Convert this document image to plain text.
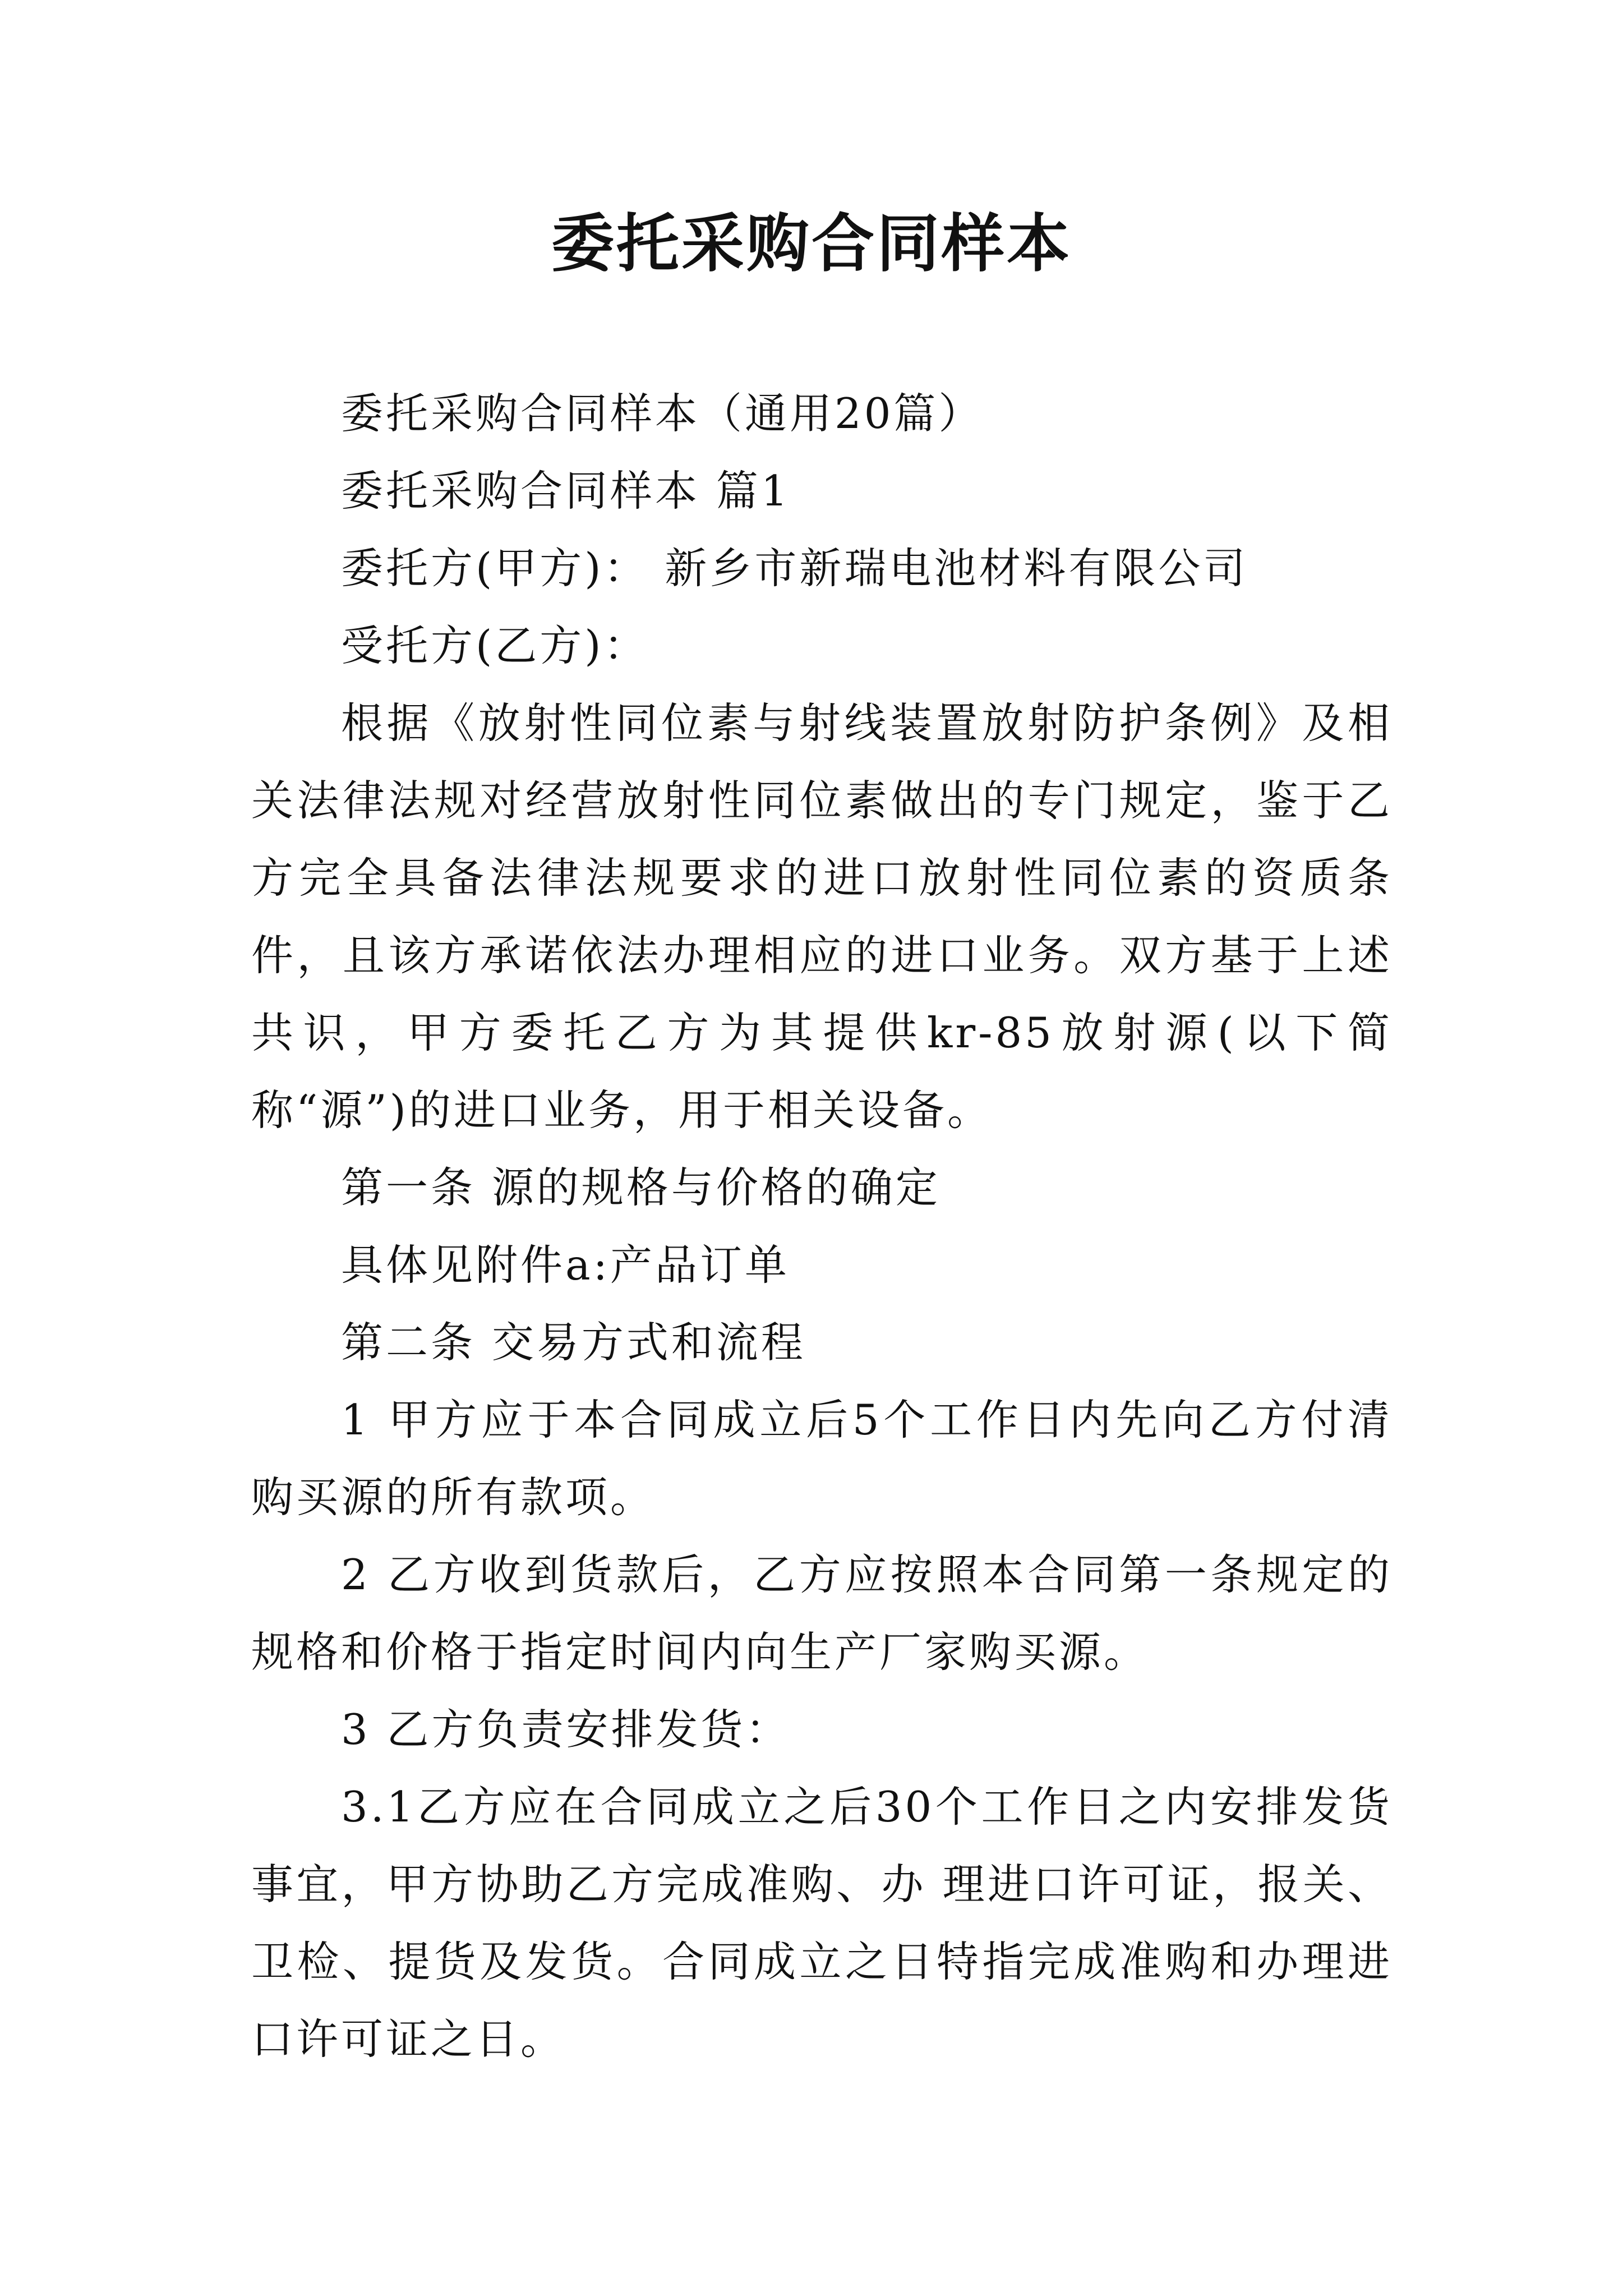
委托采购合同样本

委托采购合同样本（通用20篇）

委托采购合同样本 篇1

委托方(甲方)： 新乡市新瑞电池材料有限公司

受托方(乙方)：

根据《放射性同位素与射线装置放射防护条例》及相关法律法规对经营放射性同位素做出的专门规定，鉴于乙方完全具备法律法规要求的进口放射性同位素的资质条件，且该方承诺依法办理相应的进口业务。双方基于上述共识，甲方委托乙方为其提供kr-85放射源(以下简称“源”)的进口业务，用于相关设备。

第一条 源的规格与价格的确定

具体见附件a:产品订单

第二条 交易方式和流程

1 甲方应于本合同成立后5个工作日内先向乙方付清购买源的所有款项。

2 乙方收到货款后，乙方应按照本合同第一条规定的规格和价格于指定时间内向生产厂家购买源。

3 乙方负责安排发货：

3.1乙方应在合同成立之后30个工作日之内安排发货事宜，甲方协助乙方完成准购、办 理进口许可证，报关、卫检、提货及发货。合同成立之日特指完成准购和办理进口许可证之日。
